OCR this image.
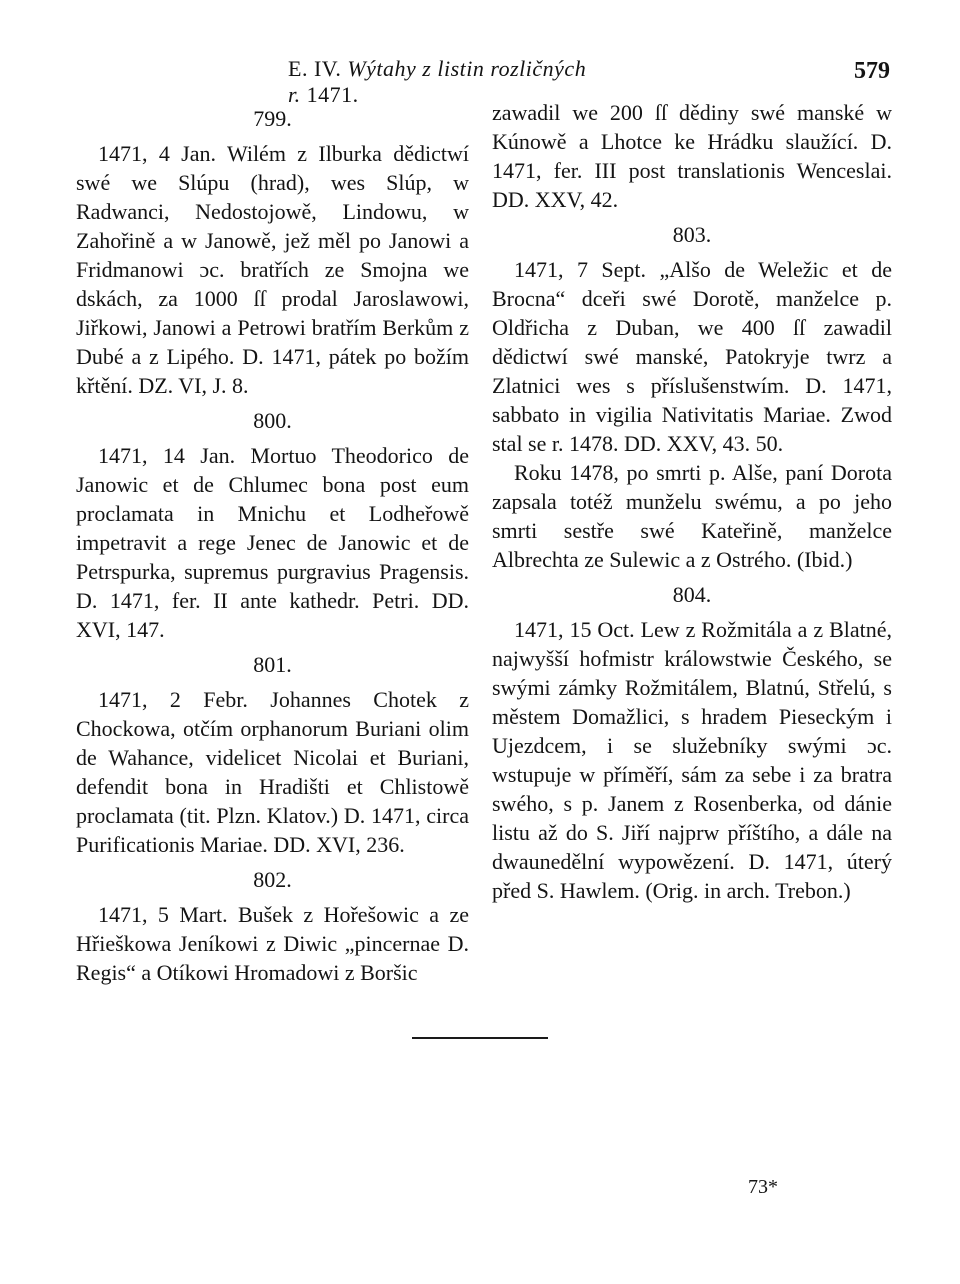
E. IV. Wýtahy z listin rozličných r. 1471.
579
799.

1471, 4 Jan. Wilém z Ilburka dědictwí swé we Slúpu (hrad), wes Slúp, w Radwanci, Nedostojowě, Lindowu, w Zahořině a w Janowě, jež měl po Janowi a Fridmanowi ɔc. bratřích ze Smojna we dskách, za 1000 ſſ prodal Jaroslawowi, Jiřkowi, Janowi a Petrowi bratřím Berkům z Dubé a z Lipého. D. 1471, pátek po božím křtění. DZ. VI, J. 8.

800.

1471, 14 Jan. Mortuo Theodorico de Janowic et de Chlumec bona post eum proclamata in Mnichu et Lodheřowě impetravit a rege Jenec de Janowic et de Petrspurka, supremus purgravius Pragensis. D. 1471, fer. II ante kathedr. Petri. DD. XVI, 147.

801.

1471, 2 Febr. Johannes Chotek z Chockowa, otčím orphanorum Buriani olim de Wahance, videlicet Nicolai et Buriani, defendit bona in Hradišti et Chlistowě proclamata (tit. Plzn. Klatov.) D. 1471, circa Purificationis Mariae. DD. XVI, 236.

802.

1471, 5 Mart. Bušek z Hořešowic a ze Hřieškowa Jeníkowi z Diwic „pincernae D. Regis“ a Otíkowi Hromadowi z Boršic

zawadil we 200 ſſ dědiny swé manské w Kúnowě a Lhotce ke Hrádku slaužící. D. 1471, fer. III post translationis Wenceslai. DD. XXV, 42.

803.

1471, 7 Sept. „Alšo de Weležic et de Brocna“ dceři swé Dorotě, manželce p. Oldřicha z Duban, we 400 ſſ zawadil dědictwí swé manské, Patokryje twrz a Zlatnici wes s příslušenstwím. D. 1471, sabbato in vigilia Nativitatis Mariae. Zwod stal se r. 1478. DD. XXV, 43. 50.

Roku 1478, po smrti p. Alše, paní Dorota zapsala totéž munželu swému, a po jeho smrti sestře swé Kateřině, manželce Albrechta ze Sulewic a z Ostrého. (Ibid.)

804.

1471, 15 Oct. Lew z Rožmitála a z Blatné, najwyšší hofmistr králowstwie Českého, se swými zámky Rožmitálem, Blatnú, Střelú, s městem Domažlici, s hradem Pieseckým i Ujezdcem, i se služebníky swými ɔc. wstupuje w příměří, sám za sebe i za bratra swého, s p. Janem z Rosenberka, od dánie listu až do S. Jiří najprw příštího, a dále na dwaunedělní wypowězení. D. 1471, úterý před S. Hawlem. (Orig. in arch. Trebon.)

73*
